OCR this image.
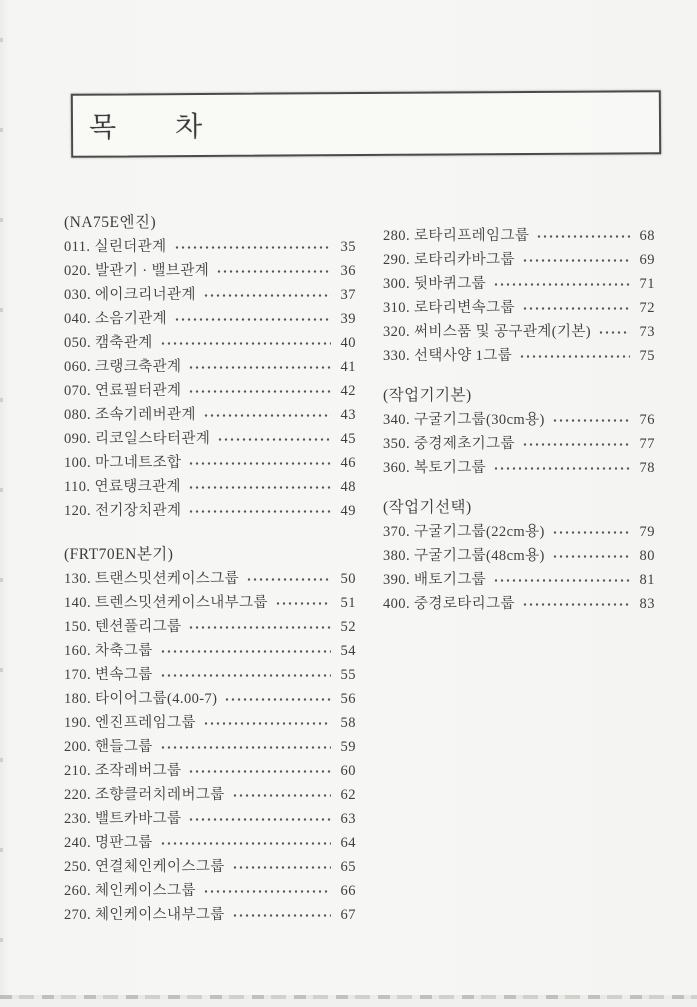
목　　차
(NA75E엔진)
011. 실린더관계	35
020. 발관기 · 밸브관계	36
030. 에이크리너관계	37
040. 소음기관계	39
050. 캠축관계	40
060. 크랭크축관계	41
070. 연료필터관계	42
080. 조속기레버관계	43
090. 리코일스타터관계	45
100. 마그네트조합	46
110. 연료탱크관계	48
120. 전기장치관계	49
(FRT70EN본기)
130. 트랜스밋션케이스그룹	50
140. 트렌스밋션케이스내부그룹	51
150. 텐션풀리그룹	52
160. 차축그룹	54
170. 변속그룹	55
180. 타이어그룹(4.00-7)	56
190. 엔진프레임그룹	58
200. 핸들그룹	59
210. 조작레버그룹	60
220. 조향클러치레버그룹	62
230. 밸트카바그룹	63
240. 명판그룹	64
250. 연결체인케이스그룹	65
260. 체인케이스그룹	66
270. 체인케이스내부그룹	67
280. 로타리프레임그룹	68
290. 로타리카바그룹	69
300. 뒷바퀴그룹	71
310. 로타리변속그룹	72
320. 써비스품 및 공구관계(기본)	73
330. 선택사양 1그룹	75
(작업기기본)
340. 구굴기그룹(30cm용)	76
350. 중경제초기그룹	77
360. 복토기그룹	78
(작업기선택)
370. 구굴기그룹(22cm용)	79
380. 구굴기그룹(48cm용)	80
390. 배토기그룹	81
400. 중경로타리그룹	83
